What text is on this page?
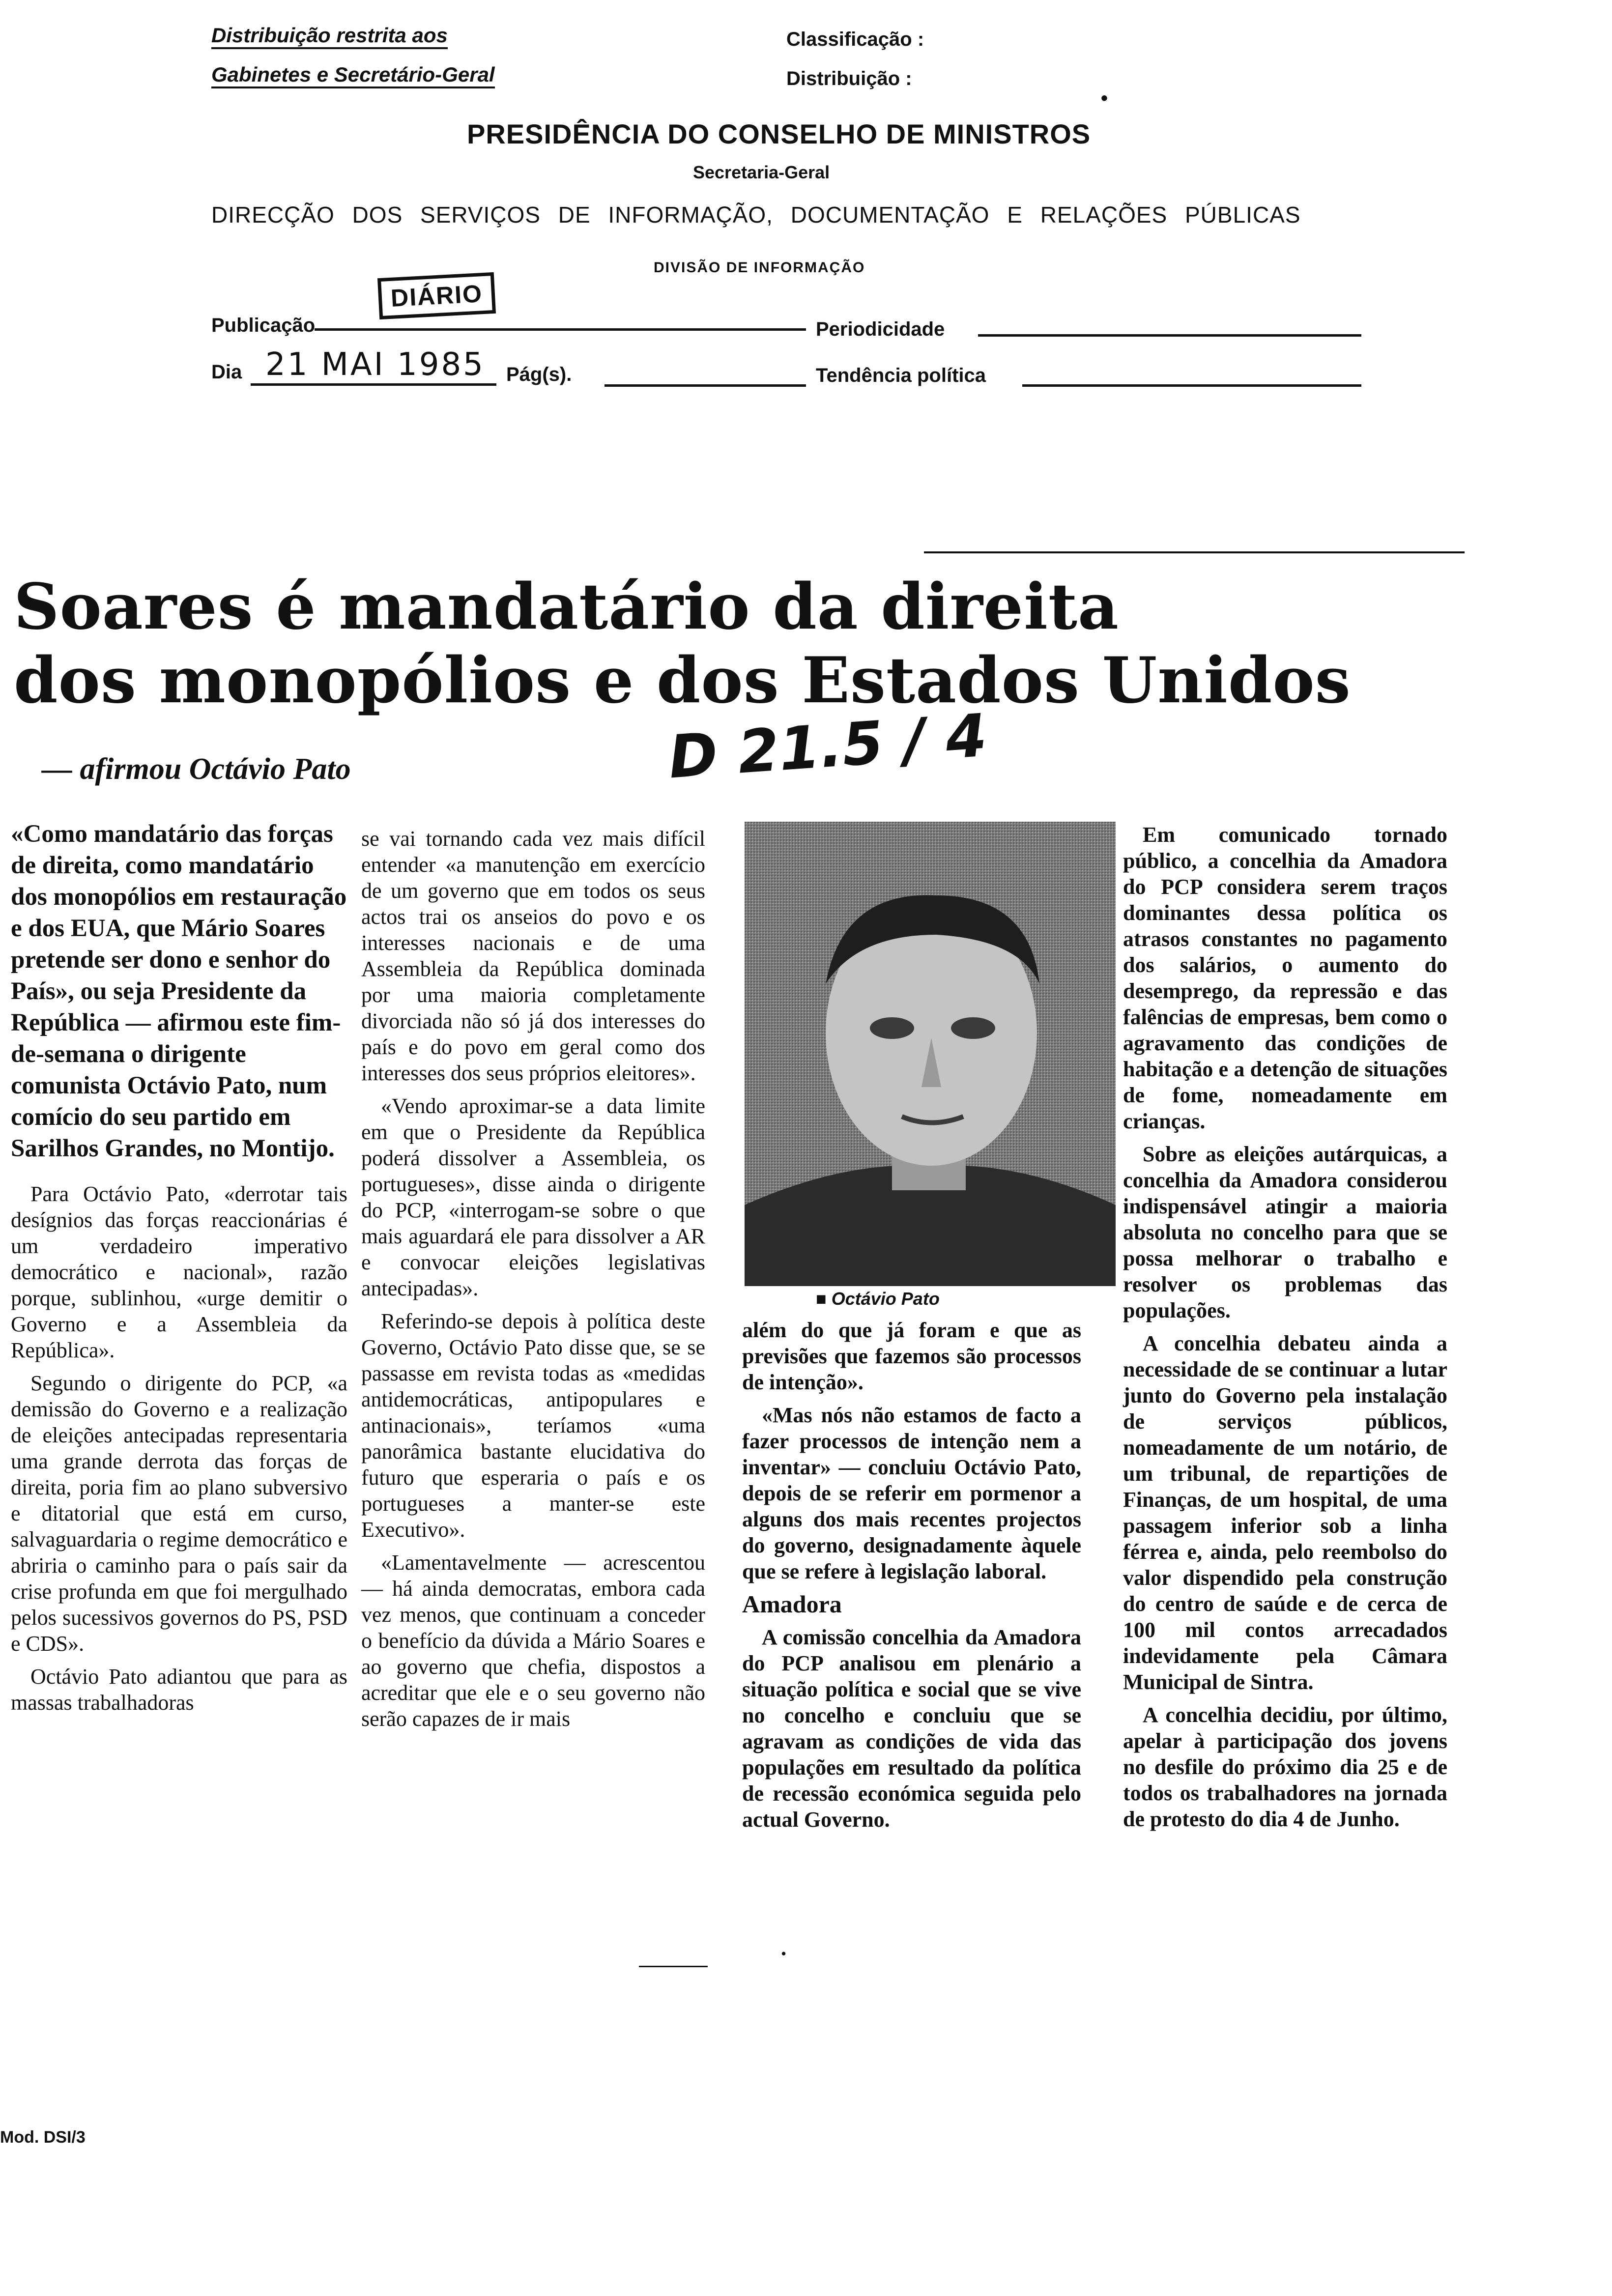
Distribuição restrita aos
Gabinetes e Secretário-Geral
Classificação :
Distribuição :
•
PRESIDÊNCIA DO CONSELHO DE MINISTROS
Secretaria-Geral
DIRECÇÃO DOS SERVIÇOS DE INFORMAÇÃO, DOCUMENTAÇÃO E RELAÇÕES PÚBLICAS
DIVISÃO DE INFORMAÇÃO
Publicação
DIÁRIO
Periodicidade
Dia 21 MAI 1985 Pág(s).	Tendência política
Soares é mandatário da direita
dos monopólios e dos Estados Unidos
— afirmou Octávio Pato	D 21.5 / 4

«Como mandatário das forças de direita, como mandatário dos monopólios em restauração e dos EUA, que Mário Soares pretende ser dono e senhor do País», ou seja Presidente da República — afirmou este fim-de-semana o dirigente comunista Octávio Pato, num comício do seu partido em Sarilhos Grandes, no Montijo.

Para Octávio Pato, «derrotar tais desígnios das forças reaccionárias é um verdadeiro imperativo democrático e nacional», razão porque, sublinhou, «urge demitir o Governo e a Assembleia da República».

Segundo o dirigente do PCP, «a demissão do Governo e a realização de eleições antecipadas representaria uma grande derrota das forças de direita, poria fim ao plano subversivo e ditatorial que está em curso, salvaguardaria o regime democrático e abriria o caminho para o país sair da crise profunda em que foi mergulhado pelos sucessivos governos do PS, PSD e CDS».

Octávio Pato adiantou que para as massas trabalhadoras

se vai tornando cada vez mais difícil entender «a manutenção em exercício de um governo que em todos os seus actos trai os anseios do povo e os interesses nacionais e de uma Assembleia da República dominada por uma maioria completamente divorciada não só já dos interesses do país e do povo em geral como dos interesses dos seus próprios eleitores».

«Vendo aproximar-se a data limite em que o Presidente da República poderá dissolver a Assembleia, os portugueses», disse ainda o dirigente do PCP, «interrogam-se sobre o que mais aguardará ele para dissolver a AR e convocar eleições legislativas antecipadas».

Referindo-se depois à política deste Governo, Octávio Pato disse que, se se passasse em revista todas as «medidas antidemocráticas, antipopulares e antinacionais», teríamos «uma panorâmica bastante elucidativa do futuro que esperaria o país e os portugueses a manter-se este Executivo».

«Lamentavelmente — acrescentou — há ainda democratas, embora cada vez menos, que continuam a conceder o benefício da dúvida a Mário Soares e ao governo que chefia, dispostos a acreditar que ele e o seu governo não serão capazes de ir mais

■ Octávio Pato

além do que já foram e que as previsões que fazemos são processos de intenção».

«Mas nós não estamos de facto a fazer processos de intenção nem a inventar» — concluiu Octávio Pato, depois de se referir em pormenor a alguns dos mais recentes projectos do governo, designadamente àquele que se refere à legislação laboral.

Amadora

A comissão concelhia da Amadora do PCP analisou em plenário a situação política e social que se vive no concelho e concluiu que se agravam as condições de vida das populações em resultado da política de recessão económica seguida pelo actual Governo.

•

Em comunicado tornado público, a concelhia da Amadora do PCP considera serem traços dominantes dessa política os atrasos constantes no pagamento dos salários, o aumento do desemprego, da repressão e das falências de empresas, bem como o agravamento das condições de habitação e a detenção de situações de fome, nomeadamente em crianças.

Sobre as eleições autárquicas, a concelhia da Amadora considerou indispensável atingir a maioria absoluta no concelho para que se possa melhorar o trabalho e resolver os problemas das populações.

A concelhia debateu ainda a necessidade de se continuar a lutar junto do Governo pela instalação de serviços públicos, nomeadamente de um notário, de um tribunal, de repartições de Finanças, de um hospital, de uma passagem inferior sob a linha férrea e, ainda, pelo reembolso do valor dispendido pela construção do centro de saúde e de cerca de 100 mil contos arrecadados indevidamente pela Câmara Municipal de Sintra.

A concelhia decidiu, por último, apelar à participação dos jovens no desfile do próximo dia 25 e de todos os trabalhadores na jornada de protesto do dia 4 de Junho.

Mod. DSI/3
